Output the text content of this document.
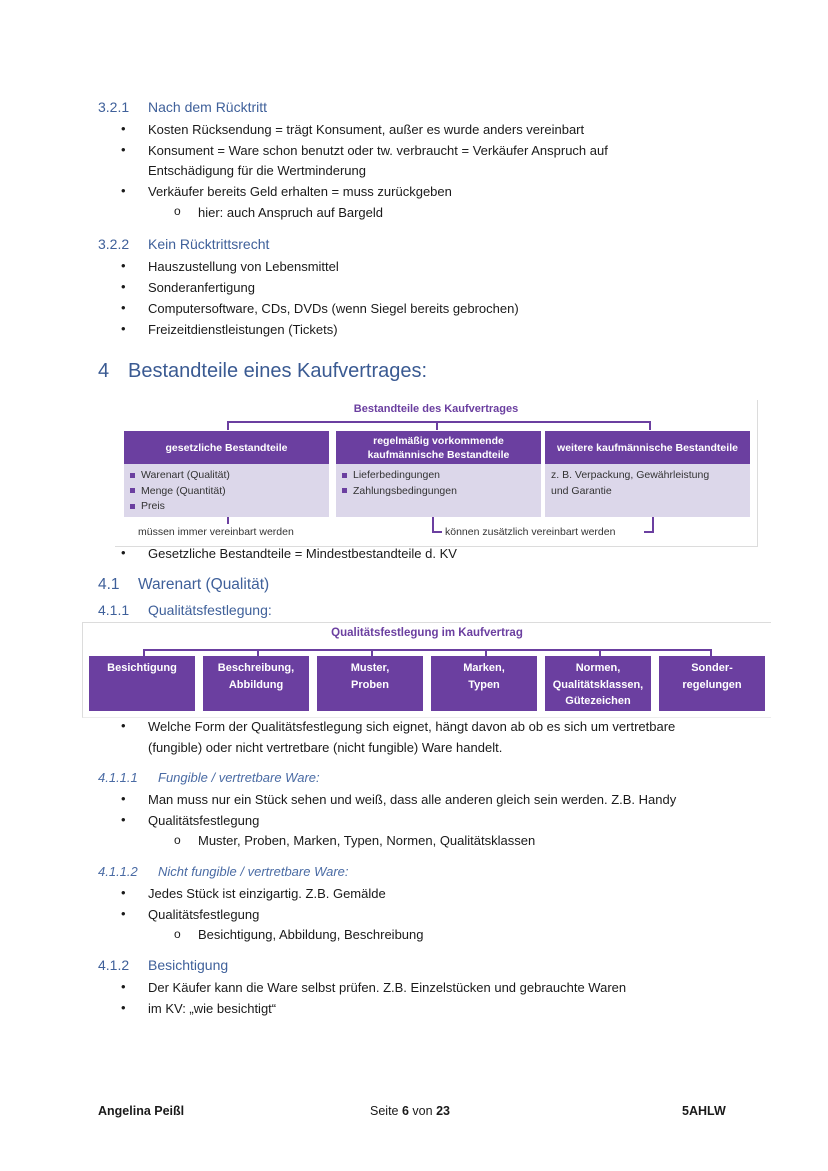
3.2.1 Nach dem Rücktritt
• Kosten Rücksendung = trägt Konsument, außer es wurde anders vereinbart
• Konsument = Ware schon benutzt oder tw. verbraucht = Verkäufer Anspruch auf
Entschädigung für die Wertminderung
• Verkäufer bereits Geld erhalten = muss zurückgeben
o hier: auch Anspruch auf Bargeld
3.2.2 Kein Rücktrittsrecht
• Hauszustellung von Lebensmittel
• Sonderanfertigung
• Computersoftware, CDs, DVDs (wenn Siegel bereits gebrochen)
• Freizeitdienstleistungen (Tickets)
4 Bestandteile eines Kaufvertrages:
Bestandteile des Kaufvertrages
gesetzliche Bestandteile
Warenart (Qualität)
Menge (Quantität)
Preis
regelmäßig vorkommende
kaufmännische Bestandteile
Lieferbedingungen
Zahlungsbedingungen
weitere kaufmännische Bestandteile
z. B. Verpackung, Gewährleistung
und Garantie
müssen immer vereinbart werden	können zusätzlich vereinbart werden
• Gesetzliche Bestandteile = Mindestbestandteile d. KV
4.1 Warenart (Qualität)
4.1.1 Qualitätsfestlegung:
Qualitätsfestlegung im Kaufvertrag
Besichtigung	Beschreibung,
Abbildung
Muster,
Proben
Marken,
Typen
Normen,
Qualitätsklassen,
Gütezeichen
Sonder-
regelungen
• Welche Form der Qualitätsfestlegung sich eignet, hängt davon ab ob es sich um vertretbare
(fungible) oder nicht vertretbare (nicht fungible) Ware handelt.
4.1.1.1 Fungible / vertretbare Ware:
• Man muss nur ein Stück sehen und weiß, dass alle anderen gleich sein werden. Z.B. Handy
• Qualitätsfestlegung
o Muster, Proben, Marken, Typen, Normen, Qualitätsklassen
4.1.1.2 Nicht fungible / vertretbare Ware:
• Jedes Stück ist einzigartig. Z.B. Gemälde
• Qualitätsfestlegung
o Besichtigung, Abbildung, Beschreibung
4.1.2 Besichtigung
• Der Käufer kann die Ware selbst prüfen. Z.B. Einzelstücken und gebrauchte Waren
• im KV: „wie besichtigt“
Angelina Peißl	Seite 6 von 23	5AHLW
